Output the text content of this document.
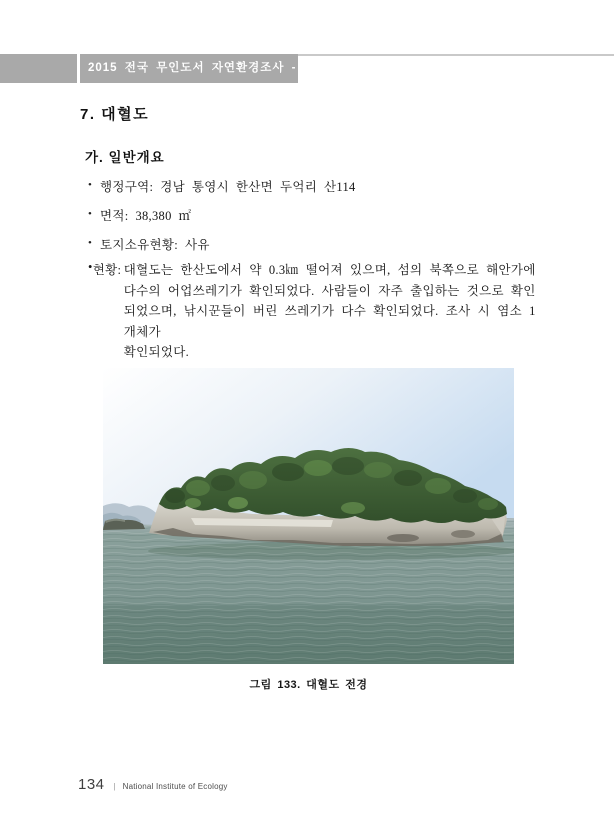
2015 전국 무인도서 자연환경조사 - 통영 권역
7. 대혈도
가. 일반개요
• 행정구역: 경남 통영시 한산면 두억리 산114
• 면적: 38,380 ㎡
• 토지소유현황: 사유
• 현황: 대혈도는 한산도에서 약 0.3㎞ 떨어져 있으며, 섬의 북쪽으로 해안가에
다수의 어업쓰레기가 확인되었다. 사람들이 자주 출입하는 것으로 확인
되었으며, 낚시꾼들이 버린 쓰레기가 다수 확인되었다. 조사 시 염소 1개체가
확인되었다.
그림 133. 대혈도 전경
134 | National Institute of Ecology
